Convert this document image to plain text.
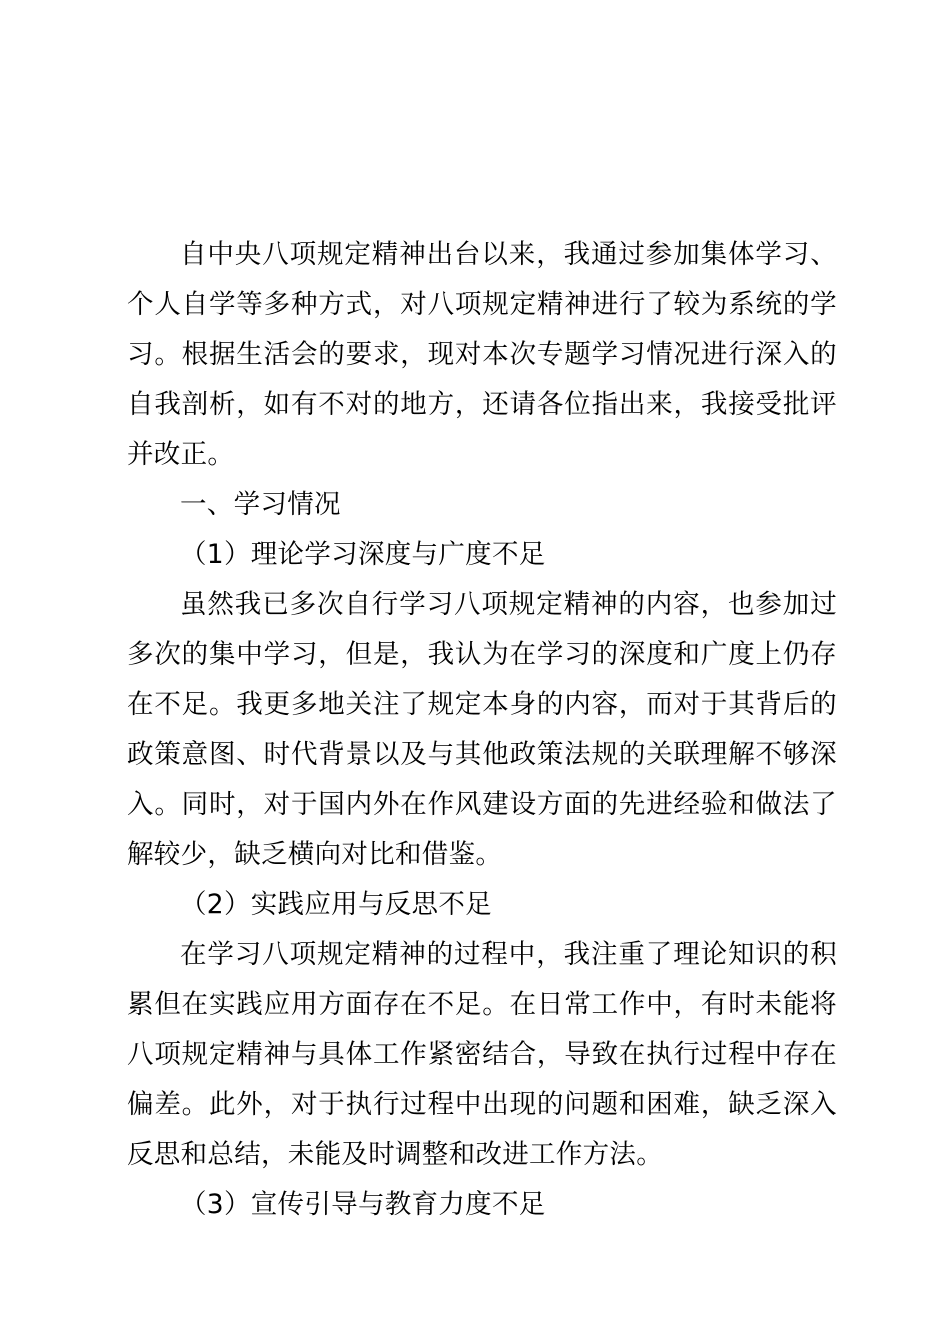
自中央八项规定精神出台以来，我通过参加集体学习、个人自学等多种方式，对八项规定精神进行了较为系统的学习。根据生活会的要求，现对本次专题学习情况进行深入的自我剖析，如有不对的地方，还请各位指出来，我接受批评并改正。

一、学习情况

（1）理论学习深度与广度不足

虽然我已多次自行学习八项规定精神的内容，也参加过多次的集中学习，但是，我认为在学习的深度和广度上仍存在不足。我更多地关注了规定本身的内容，而对于其背后的政策意图、时代背景以及与其他政策法规的关联理解不够深入。同时，对于国内外在作风建设方面的先进经验和做法了解较少，缺乏横向对比和借鉴。

（2）实践应用与反思不足

在学习八项规定精神的过程中，我注重了理论知识的积累但在实践应用方面存在不足。在日常工作中，有时未能将八项规定精神与具体工作紧密结合，导致在执行过程中存在偏差。此外，对于执行过程中出现的问题和困难，缺乏深入反思和总结，未能及时调整和改进工作方法。

（3）宣传引导与教育力度不足
